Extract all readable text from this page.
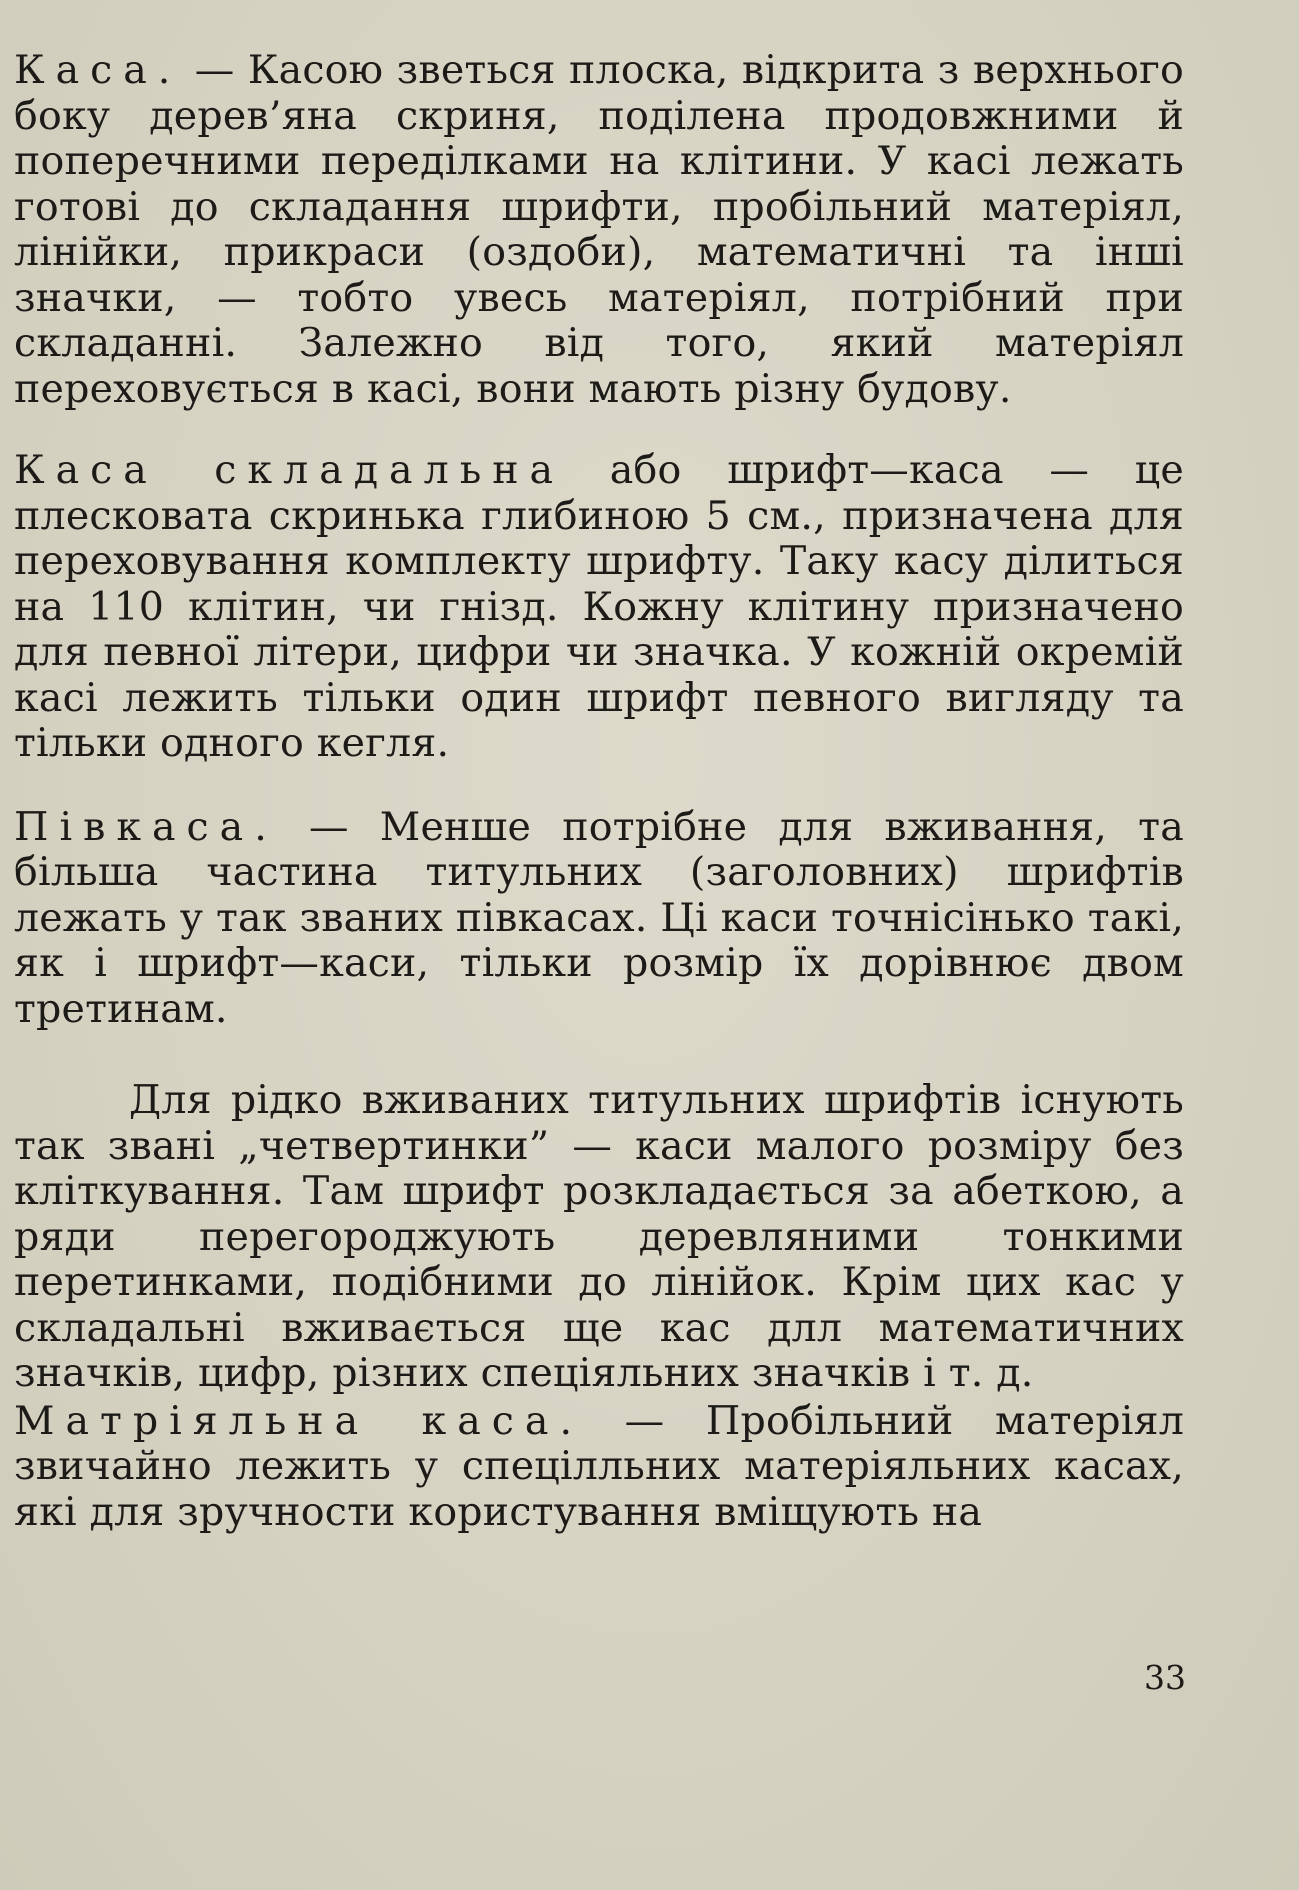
Каса. — Касою зветься плоска, відкрита з верхнього боку дерев’яна скриня, поділена продовжними й поперечними переділками на клітини. У касі лежать готові до складання шрифти, пробільний матеріял, лінійки, прикраси (оздоби), математичні та інші значки, — тобто увесь матеріял, потрібний при складанні. Залежно від того, який матеріял переховується в касі, вони мають різну будову.

Каса складальна або шрифт—каса — це плесковата скринька глибиною 5 см., призначена для переховування комплекту шрифту. Таку касу ділиться на 110 клітин, чи гнізд. Кожну клітину призначено для певної літери, цифри чи значка. У кожній окремій касі лежить тільки один шрифт певного вигляду та тільки одного кегля.

Півкаса. — Менше потрібне для вживання, та більша частина титульних (заголовних) шрифтів лежать у так званих півкасах. Ці каси точнісінько такі, як і шрифт—каси, тільки розмір їх дорівнює двом третинам.

Для рідко вживаних титульних шрифтів існують так звані „четвертинки” — каси малого розміру без кліткування. Там шрифт розкладається за абеткою, а ряди перегороджують деревляними тонкими перетинками, подібними до лінійок. Крім цих кас у складальні вживається ще кас длл математичних значків, цифр, різних спеціяльних значків і т. д.

Матріяльна каса. — Пробільний матеріял звичайно лежить у спецілльних матеріяльних касах, які для зручности користування вміщують на

33
